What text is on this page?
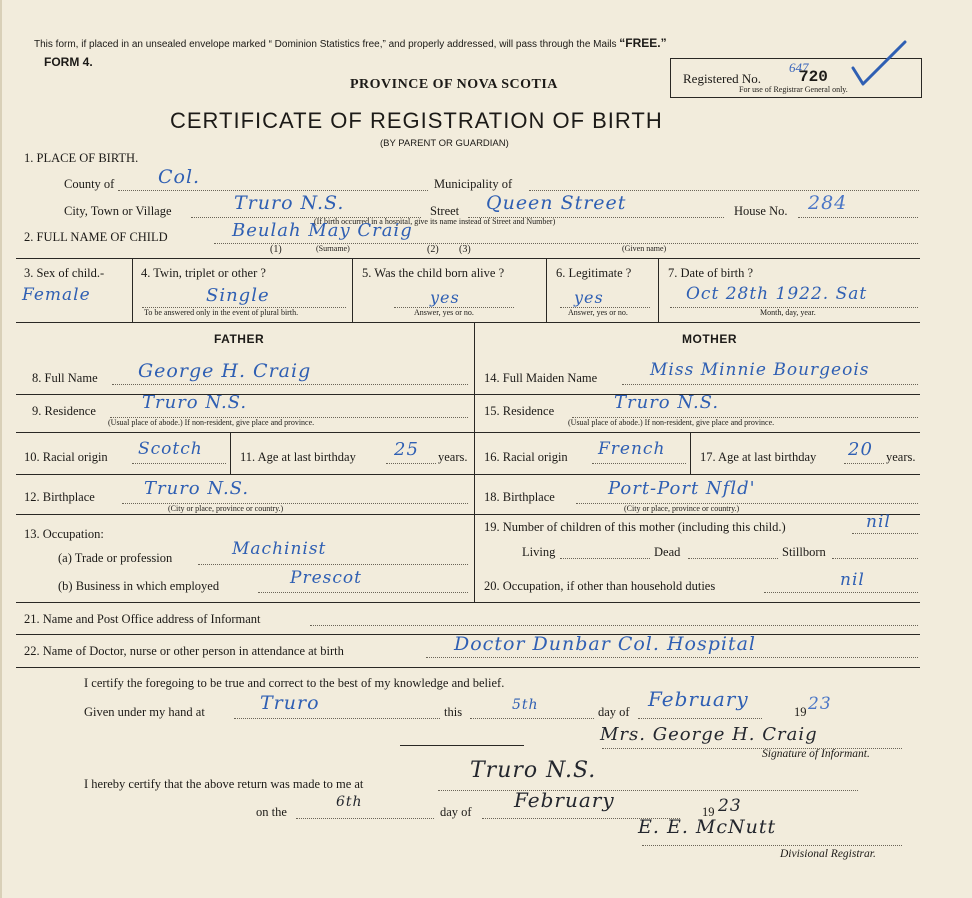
This form, if placed in an unsealed envelope marked “ Dominion Statistics free,” and properly addressed, will pass through the Mails “FREE.”
FORM 4.
PROVINCE OF NOVA SCOTIA
CERTIFICATE OF REGISTRATION OF BIRTH
(BY PARENT OR GUARDIAN)
Registered No.
647
720
For use of Registrar General only.
1. PLACE OF BIRTH.
County of Col.	Municipality of
City, Town or Village	Truro N.S.	Street Queen Street
(If birth occurred in a hospital, give its name instead of Street and Number)
House No. 284
2. FULL NAME OF CHILD	Beulah May Craig
(1)	(2) (3)
(Surname)	(Given name)
3. Sex of child.-
Female
4. Twin, triplet or other ?
Single
To be answered only in the event of plural birth.
5. Was the child born alive ?
yes
Answer, yes or no.
6. Legitimate ?
yes
Answer, yes or no.
7. Date of birth ?
Oct 28th 1922. Sat
Month, day, year.
FATHER	MOTHER
8. Full Name George H. Craig	14. Full Maiden Name	Miss Minnie Bourgeois
9. Residence	Truro N.S.
(Usual place of abode.) If non-resident, give place and province.
15. Residence	Truro N.S.
(Usual place of abode.) If non-resident, give place and province.
10. Racial origin Scotch	11. Age at last birthday 25 years. 16. Racial origin French	17. Age at last birthday 20 years.
12. Birthplace	Truro N.S.
(City or place, province or country.)
18. Birthplace	Port-Port Nfld'
(City or place, province or country.)
13. Occupation:
(a) Trade or profession	Machinist
(b) Business in which employed	Prescot
19. Number of children of this mother (including this child.)	nil
Living	Dead	Stillborn
20. Occupation, if other than household duties	nil
21. Name and Post Office address of Informant
22. Name of Doctor, nurse or other person in attendance at birth	Doctor Dunbar Col. Hospital
I certify the foregoing to be true and correct to the best of my knowledge and belief.
Given under my hand at	Truro	this	5th	day of
February
19 23
Mrs. George H. Craig
Signature of Informant.
I hereby certify that the above return was made to me at
Truro N.S.
on the
6th
day of February	19 23
E. E. McNutt
Divisional Registrar.
